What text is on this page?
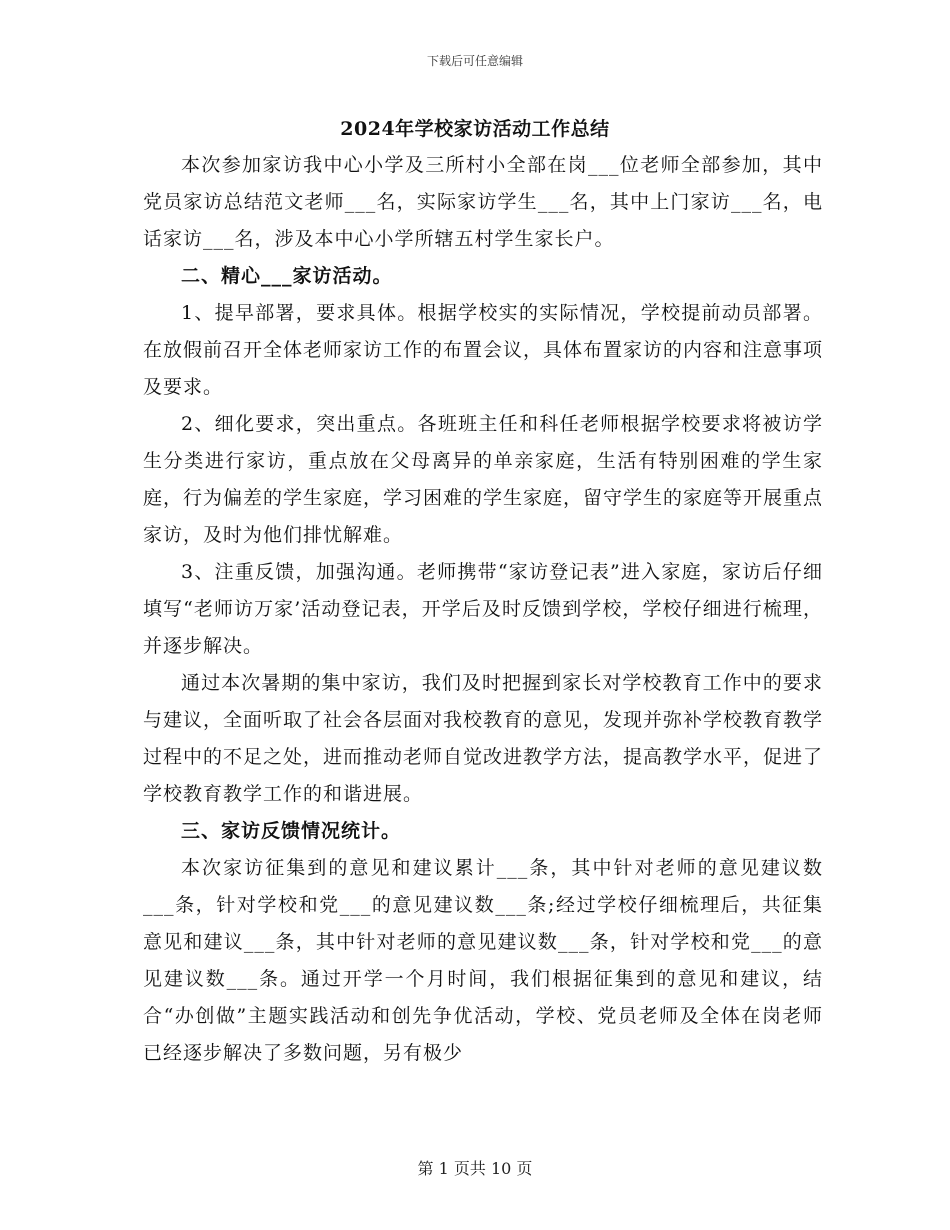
下载后可任意编辑
2024年学校家访活动工作总结

本次参加家访我中心小学及三所村小全部在岗___位老师全部参加，其中党员家访总结范文老师___名，实际家访学生___名，其中上门家访___名，电话家访___名，涉及本中心小学所辖五村学生家长户。

二、精心___家访活动。

1、提早部署，要求具体。根据学校实的实际情况，学校提前动员部署。在放假前召开全体老师家访工作的布置会议，具体布置家访的内容和注意事项及要求。

2、细化要求，突出重点。各班班主任和科任老师根据学校要求将被访学生分类进行家访，重点放在父母离异的单亲家庭，生活有特别困难的学生家庭，行为偏差的学生家庭，学习困难的学生家庭，留守学生的家庭等开展重点家访，及时为他们排忧解难。

3、注重反馈，加强沟通。老师携带“家访登记表”进入家庭，家访后仔细填写“老师访万家’活动登记表，开学后及时反馈到学校，学校仔细进行梳理，并逐步解决。

通过本次暑期的集中家访，我们及时把握到家长对学校教育工作中的要求与建议，全面听取了社会各层面对我校教育的意见，发现并弥补学校教育教学过程中的不足之处，进而推动老师自觉改进教学方法，提高教学水平，促进了学校教育教学工作的和谐进展。

三、家访反馈情况统计。

本次家访征集到的意见和建议累计___条，其中针对老师的意见建议数___条，针对学校和党___的意见建议数___条;经过学校仔细梳理后，共征集意见和建议___条，其中针对老师的意见建议数___条，针对学校和党___的意见建议数___条。通过开学一个月时间，我们根据征集到的意见和建议，结合“办创做”主题实践活动和创先争优活动，学校、党员老师及全体在岗老师已经逐步解决了多数问题，另有极少

第 1 页共 10 页
